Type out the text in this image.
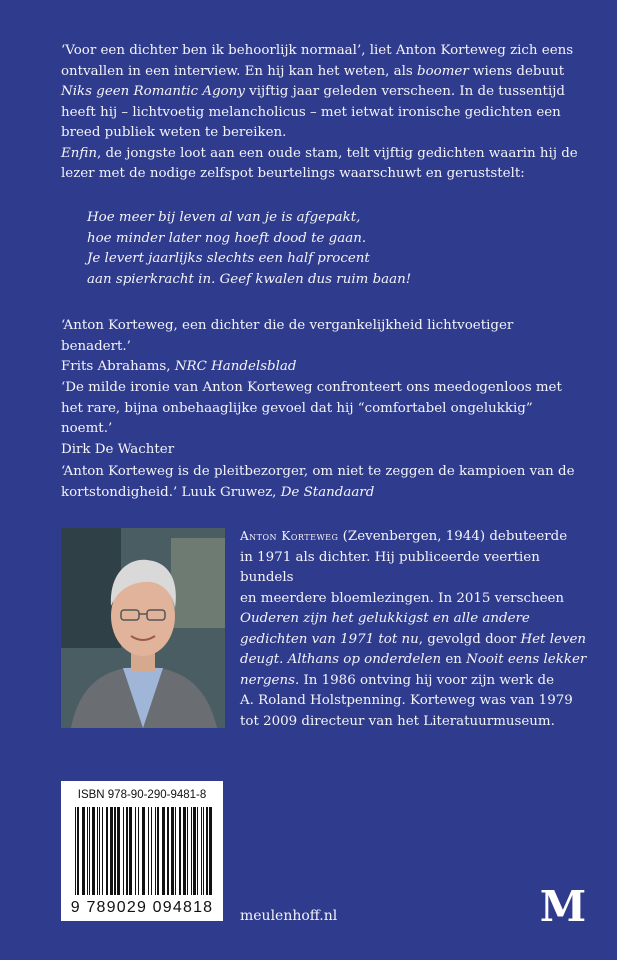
‘Voor een dichter ben ik behoorlijk normaal’, liet Anton Korteweg zich eens

ontvallen in een interview. En hij kan het weten, als boomer wiens debuut

Niks geen Romantic Agony vijftig jaar geleden verscheen. In de tussentijd

heeft hij – lichtvoetig melancholicus – met ietwat ironische gedichten een

breed publiek weten te bereiken.

Enfin, de jongste loot aan een oude stam, telt vijftig gedichten waarin hij de

lezer met de nodige zelfspot beurtelings waarschuwt en geruststelt:

Hoe meer bij leven al van je is afgepakt,
hoe minder later nog hoeft dood te gaan.
Je levert jaarlijks slechts een half procent
aan spierkracht in. Geef kwalen dus ruim baan!

‘Anton Korteweg, een dichter die de vergankelijkheid lichtvoetiger benadert.’

Frits Abrahams, NRC Handelsblad

‘De milde ironie van Anton Korteweg confronteert ons meedogenloos met

het rare, bijna onbehaaglijke gevoel dat hij “comfortabel ongelukkig” noemt.’

Dirk De Wachter

‘Anton Korteweg is de pleitbezorger, om niet te zeggen de kampioen van de

kortstondigheid.’ Luuk Gruwez, De Standaard

Anton Korteweg (Zevenbergen, 1944) debuteerde

in 1971 als dichter. Hij publiceerde veertien bundels

en meerdere bloemlezingen. In 2015 verscheen

Ouderen zijn het gelukkigst en alle andere

gedichten van 1971 tot nu, gevolgd door Het leven

deugt. Althans op onderdelen en Nooit eens lekker

nergens. In 1986 ontving hij voor zijn werk de

A. Roland Holstpenning. Korteweg was van 1979

tot 2009 directeur van het Literatuurmuseum.

ISBN 978-90-290-9481-8
9 789029 094818	meulenhoff.nl	M
